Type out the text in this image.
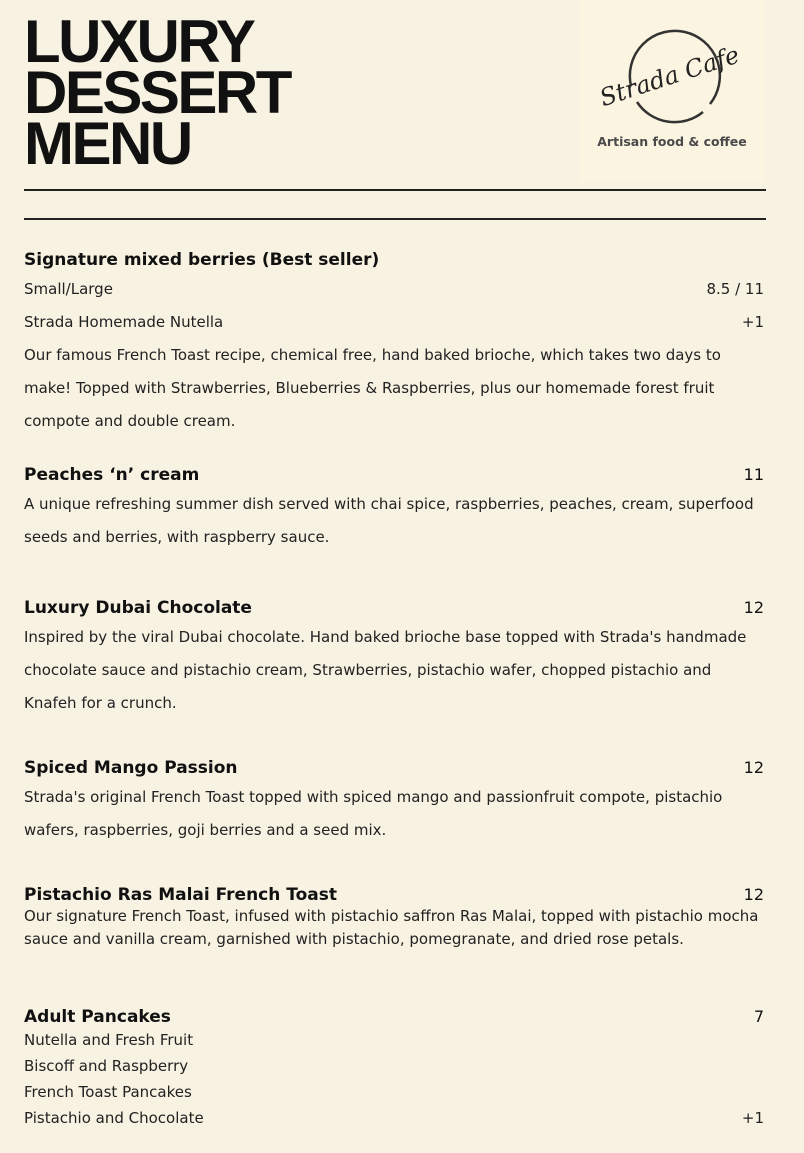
LUXURY
DESSERT
MENU
Strada Cafe
Artisan food & coffee
Signature mixed berries (Best seller)
Small/Large	8.5 / 11
Strada Homemade Nutella	+1

Our famous French Toast recipe, chemical free, hand baked brioche, which takes two days to make! Topped with Strawberries, Blueberries & Raspberries, plus our homemade forest fruit compote and double cream.

Peaches ‘n’ cream	11

A unique refreshing summer dish served with chai spice, raspberries, peaches, cream, superfood seeds and berries, with raspberry sauce.

Luxury Dubai Chocolate	12

Inspired by the viral Dubai chocolate. Hand baked brioche base topped with Strada's handmade chocolate sauce and pistachio cream, Strawberries, pistachio wafer, chopped pistachio and Knafeh for a crunch.

Spiced Mango Passion	12

Strada's original French Toast topped with spiced mango and passionfruit compote, pistachio wafers, raspberries, goji berries and a seed mix.

Pistachio Ras Malai French Toast	12

Our signature French Toast, infused with pistachio saffron Ras Malai, topped with pistachio mocha sauce and vanilla cream, garnished with pistachio, pomegranate, and dried rose petals.

Adult Pancakes	7
Nutella and Fresh Fruit
Biscoff and Raspberry
French Toast Pancakes
Pistachio and Chocolate	+1
